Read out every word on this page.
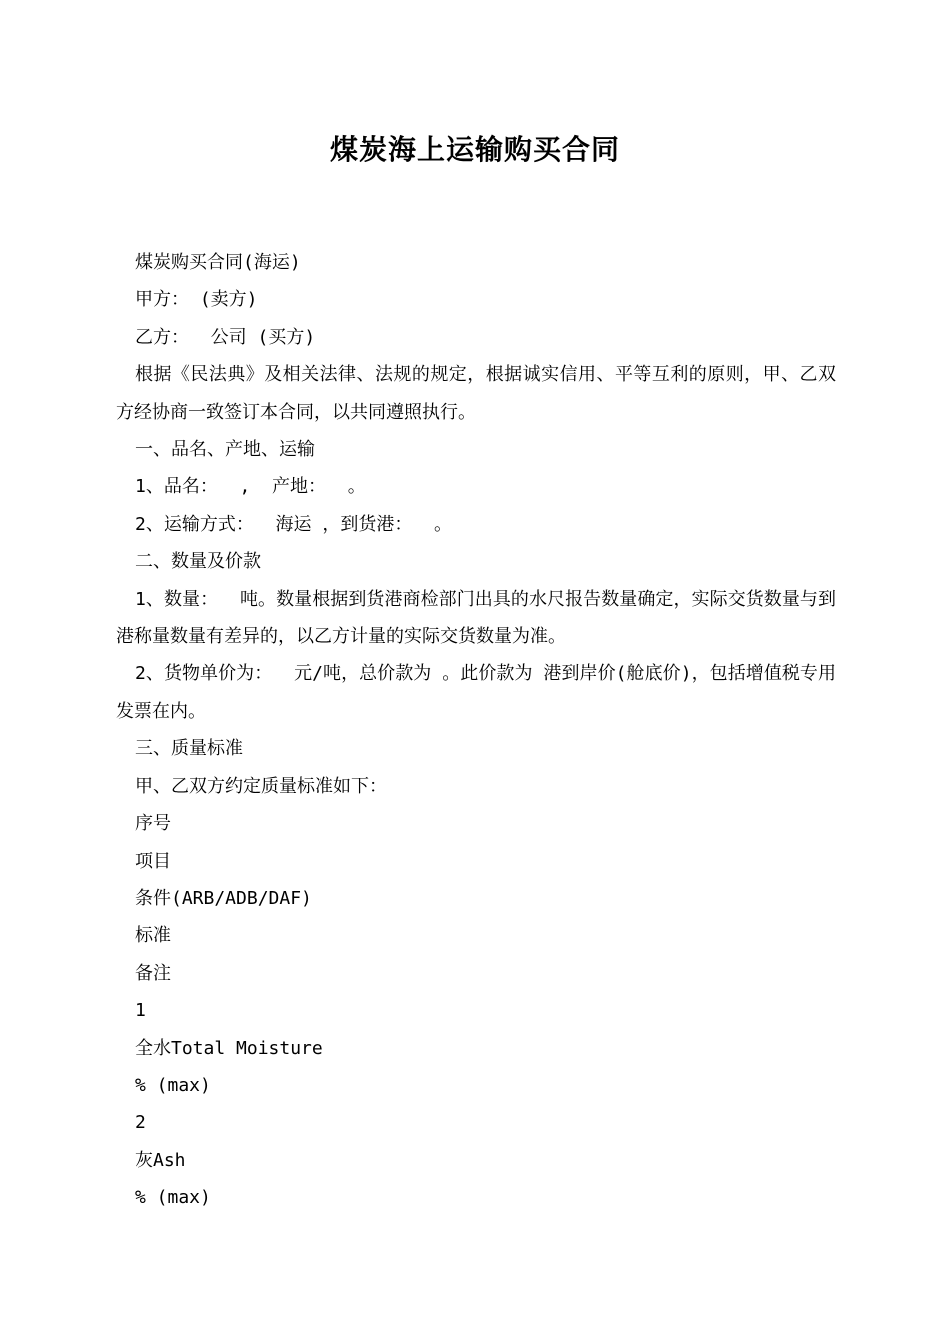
煤炭海上运输购买合同

煤炭购买合同(海运)

甲方： (卖方)

乙方：  公司 (买方)

根据《民法典》及相关法律、法规的规定，根据诚实信用、平等互利的原则，甲、乙双方经协商一致签订本合同，以共同遵照执行。

一、品名、产地、运输

1、品名：  ,  产地：  。

2、运输方式：  海运 ，到货港：  。

二、数量及价款

1、数量：  吨。数量根据到货港商检部门出具的水尺报告数量确定，实际交货数量与到港称量数量有差异的，以乙方计量的实际交货数量为准。

2、货物单价为：  元/吨，总价款为 。此价款为 港到岸价(舱底价)，包括增值税专用发票在内。

三、质量标准

甲、乙双方约定质量标准如下：

序号

项目

条件(ARB/ADB/DAF)

标准

备注

1

全水Total Moisture

% (max)

2

灰Ash

% (max)
